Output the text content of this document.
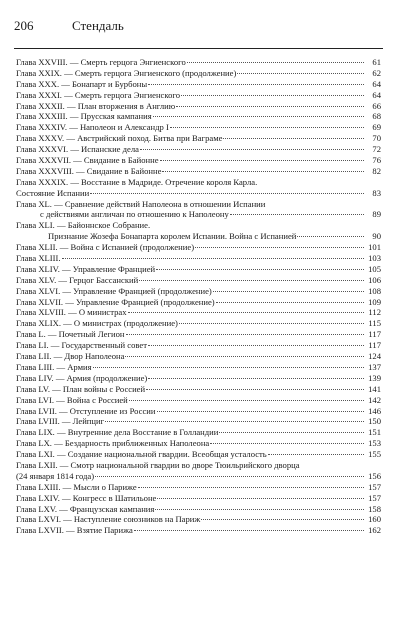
206	Стендаль
Глава XXVIII. — Смерть герцога Энгиенского	61
Глава XXIX. — Смерть герцога Энгиенского (продолжение)	62
Глава XXX. — Бонапарт и Бурбоны	64
Глава XXXI. — Смерть герцога Энгиенского	64
Глава XXXII. — План вторжения в Англию	66
Глава XXXIII. — Прусская кампания	68
Глава XXXIV. — Наполеон и Александр I	69
Глава XXXV. — Австрийский поход. Битва при Ваграме	70
Глава XXXVI. — Испанские дела	72
Глава XXXVII. — Свидание в Байонне	76
Глава XXXVIII. — Свидание в Байонне	82
Глава XXXIX. — Восстание в Мадриде. Отречение короля Карла.
Состояние Испании	83
Глава XL. — Сравнение действий Наполеона в отношении Испании
с действиями англичан по отношению к Наполеону	89
Глава XLI. — Байоннское Собрание.
Признание Жозефа Бонапарта королем Испании. Война с Испанией	90
Глава XLII. — Война с Испанией (продолжение)	101
Глава XLIII.	103
Глава XLIV. — Управление Францией	105
Глава XLV. — Герцог Бассанский	106
Глава XLVI. — Управление Францией (продолжение)	108
Глава XLVII. — Управление Францией (продолжение)	109
Глава XLVIII. — О министрах	112
Глава XLIX. — О министрах (продолжение)	115
Глава L. — Почетный Легион	117
Глава LI. — Государственный совет	117
Глава LII. — Двор Наполеона	124
Глава LIII. — Армия	137
Глава LIV. — Армия (продолжение)	139
Глава LV. — План войны с Россией	141
Глава LVI. — Война с Россией	142
Глава LVII. — Отступление из России	146
Глава LVIII. — Лейпциг	150
Глава LIX. — Внутренние дела Восстание в Голландии	151
Глава LX. — Бездарность приближенных Наполеона	153
Глава LXI. — Создание национальной гвардии. Всеобщая усталость	155
Глава LXII. — Смотр национальной гвардии во дворе Тюильрийского дворца
(24 января 1814 года)	156
Глава LXIII. — Мысли о Париже	157
Глава LXIV. — Конгресс в Шатильоне	157
Глава LXV. — Французская кампания	158
Глава LXVI. — Наступление союзников на Париж	160
Глава LXVII. — Взятие Парижа	162
